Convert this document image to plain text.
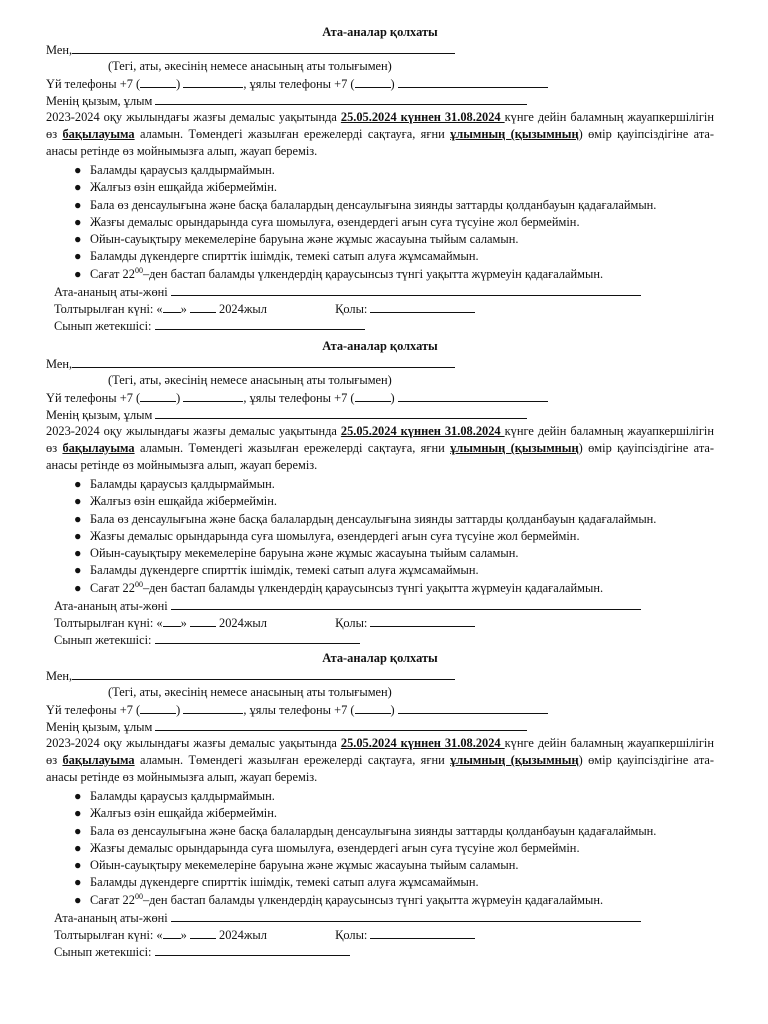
Ата-аналар қолхаты
Мен,
(Тегі, аты, әкесінің немесе анасының аты толығымен)
Үй телефоны +7 (	)	, ұялы телефоны +7 (	)
Менің қызым, ұлым
2023-2024 оқу жылындағы жазғы демалыс уақытында 25.05.2024 күннен 31.08.2024 күнге дейін баламның жауапкершілігін өз бақылауыма аламын. Төмендегі жазылған ережелерді сақтауға, яғни ұлымның (қызымның) өмір қауіпсіздігіне ата-анасы ретінде өз мойнымызға алып, жауап береміз.
● Баламды қараусыз қалдырмаймын.
● Жалғыз өзін ешқайда жібермеймін.
● Бала өз денсаулығына және басқа балалардың денсаулығына зиянды заттарды қолданбауын қадағалаймын.
● Жазғы демалыс орындарында суға шомылуға, өзендердегі ағын суға түсуіне жол бермеймін.
● Ойын-сауықтыру мекемелеріне баруына және жұмыс жасауына тыйым саламын.
● Баламды дүкендерге спирттік ішімдік, темекі сатып алуға жұмсамаймын.
● Сағат $22^{00}$–ден бастап баламды үлкендердің қараусынсыз түнгі уақытта жүрмеуін қадағалаймын.
Ата-ананың аты-жөні
Толтырылған күні: « »  2024жыл	Қолы:
Сынып жетекшісі:
Ата-аналар қолхаты
Мен,
(Тегі, аты, әкесінің немесе анасының аты толығымен)
Үй телефоны +7 (	)	, ұялы телефоны +7 (	)
Менің қызым, ұлым
2023-2024 оқу жылындағы жазғы демалыс уақытында 25.05.2024 күннен 31.08.2024 күнге дейін баламның жауапкершілігін өз бақылауыма аламын. Төмендегі жазылған ережелерді сақтауға, яғни ұлымның (қызымның) өмір қауіпсіздігіне ата-анасы ретінде өз мойнымызға алып, жауап береміз.
● Баламды қараусыз қалдырмаймын.
● Жалғыз өзін ешқайда жібермеймін.
● Бала өз денсаулығына және басқа балалардың денсаулығына зиянды заттарды қолданбауын қадағалаймын.
● Жазғы демалыс орындарында суға шомылуға, өзендердегі ағын суға түсуіне жол бермеймін.
● Ойын-сауықтыру мекемелеріне баруына және жұмыс жасауына тыйым саламын.
● Баламды дүкендерге спирттік ішімдік, темекі сатып алуға жұмсамаймын.
● Сағат $22^{00}$–ден бастап баламды үлкендердің қараусынсыз түнгі уақытта жүрмеуін қадағалаймын.
Ата-ананың аты-жөні
Толтырылған күні: « »  2024жыл	Қолы:
Сынып жетекшісі:
Ата-аналар қолхаты
Мен,
(Тегі, аты, әкесінің немесе анасының аты толығымен)
Үй телефоны +7 (	)	, ұялы телефоны +7 (	)
Менің қызым, ұлым
2023-2024 оқу жылындағы жазғы демалыс уақытында 25.05.2024 күннен 31.08.2024 күнге дейін баламның жауапкершілігін өз бақылауыма аламын. Төмендегі жазылған ережелерді сақтауға, яғни ұлымның (қызымның) өмір қауіпсіздігіне ата-анасы ретінде өз мойнымызға алып, жауап береміз.
● Баламды қараусыз қалдырмаймын.
● Жалғыз өзін ешқайда жібермеймін.
● Бала өз денсаулығына және басқа балалардың денсаулығына зиянды заттарды қолданбауын қадағалаймын.
● Жазғы демалыс орындарында суға шомылуға, өзендердегі ағын суға түсуіне жол бермеймін.
● Ойын-сауықтыру мекемелеріне баруына және жұмыс жасауына тыйым саламын.
● Баламды дүкендерге спирттік ішімдік, темекі сатып алуға жұмсамаймын.
● Сағат $22^{00}$–ден бастап баламды үлкендердің қараусынсыз түнгі уақытта жүрмеуін қадағалаймын.
Ата-ананың аты-жөні
Толтырылған күні: « »  2024жыл	Қолы:
Сынып жетекшісі:
